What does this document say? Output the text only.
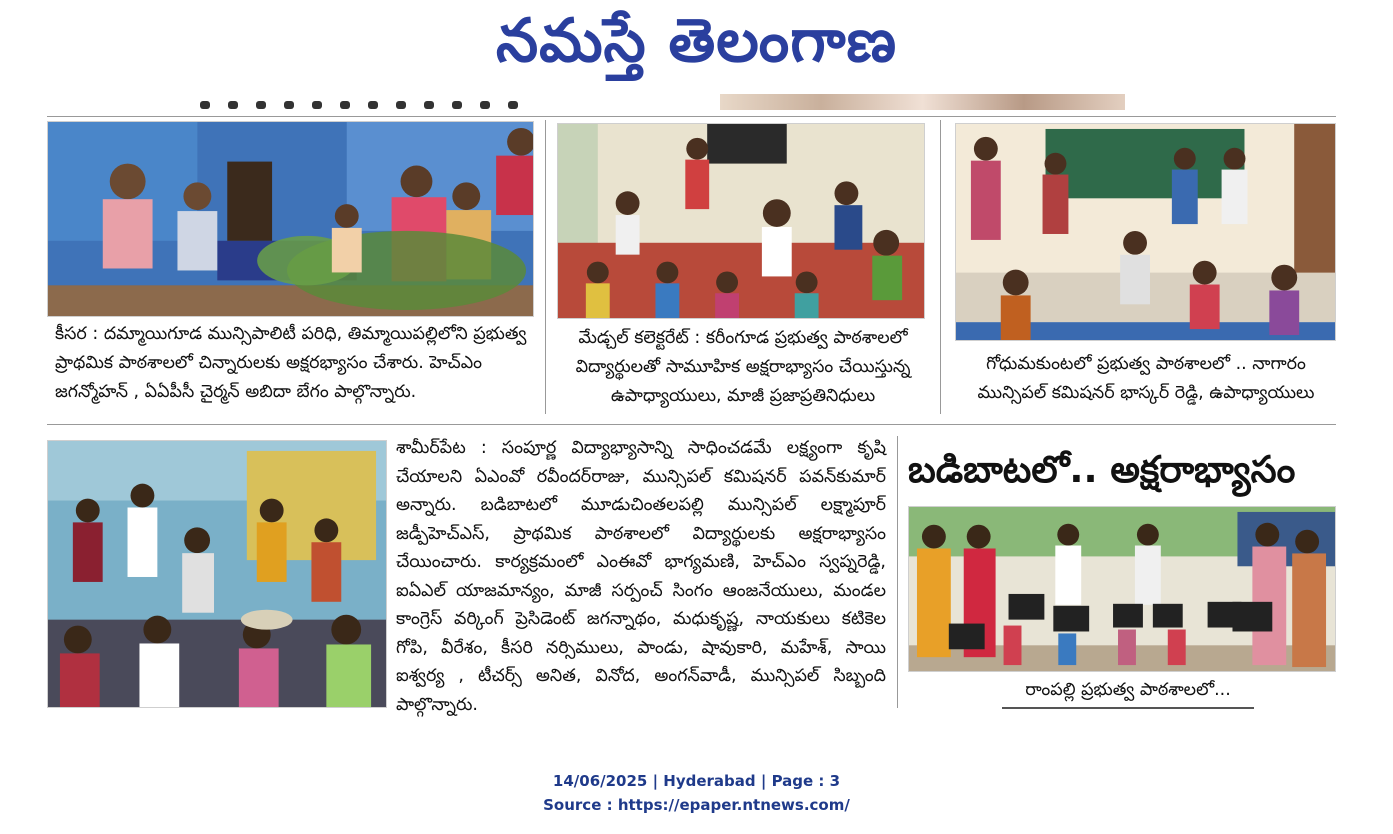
నమస్తే తెలంగాణ
కీసర : దమ్మాయిగూడ మున్సిపాలిటీ పరిధి, తిమ్మాయిపల్లిలోని ప్రభుత్వ ప్రాథమిక పాఠశాలలో చిన్నారులకు అక్షరభ్యాసం చేశారు. హెచ్ఎం జగన్మోహన్ , ఏఏపీసీ చైర్మన్ అబిదా బేగం పాల్గొన్నారు.
మేడ్చల్ కలెక్టరేట్ : కరీంగూడ ప్రభుత్వ పాఠశాలలో విద్యార్థులతో సామూహిక అక్షరాభ్యాసం చేయిస్తున్న ఉపాధ్యాయులు, మాజీ ప్రజాప్రతినిధులు
గోధుమకుంటలో ప్రభుత్వ పాఠశాలలో .. నాగారం మున్సిపల్ కమిషనర్ భాస్కర్ రెడ్డి, ఉపాధ్యాయులు
శామీర్‌పేట : సంపూర్ణ విద్యాభ్యాసాన్ని సాధించడమే లక్ష్యంగా కృషి చేయాలని ఏఎంవో రవీందర్‌రాజు, మున్సిపల్ కమిషనర్ పవన్‌కుమార్ అన్నారు. బడిబాటలో మూడుచింతలపల్లి మున్సిపల్ లక్ష్మాపూర్ జడ్పీహెచ్ఎస్, ప్రాథమిక పాఠశాలలో విద్యార్థులకు అక్షరాభ్యాసం చేయించారు. కార్యక్రమంలో ఎంఈవో భాగ్యమణి, హెచ్ఎం స్వప్నరెడ్డి, ఐఏఎల్ యాజమాన్యం, మాజీ సర్పంచ్ సింగం ఆంజనేయులు, మండల కాంగ్రెస్ వర్కింగ్ ప్రెసిడెంట్ జగన్నాథం, మధుకృష్ణ, నాయకులు కటికెల గోపి, వీరేశం, కీసరి నర్సిములు, పాండు, షావుకారి, మహేశ్, సాయి ఐశ్వర్య , టీచర్స్ అనిత, వినోద, అంగన్‌వాడీ, మున్సిపల్ సిబ్బంది పాల్గొన్నారు.
బడిబాటలో.. అక్షరాభ్యాసం
రాంపల్లి ప్రభుత్వ పాఠశాలలో...
14/06/2025 | Hyderabad | Page : 3
Source : https://epaper.ntnews.com/
